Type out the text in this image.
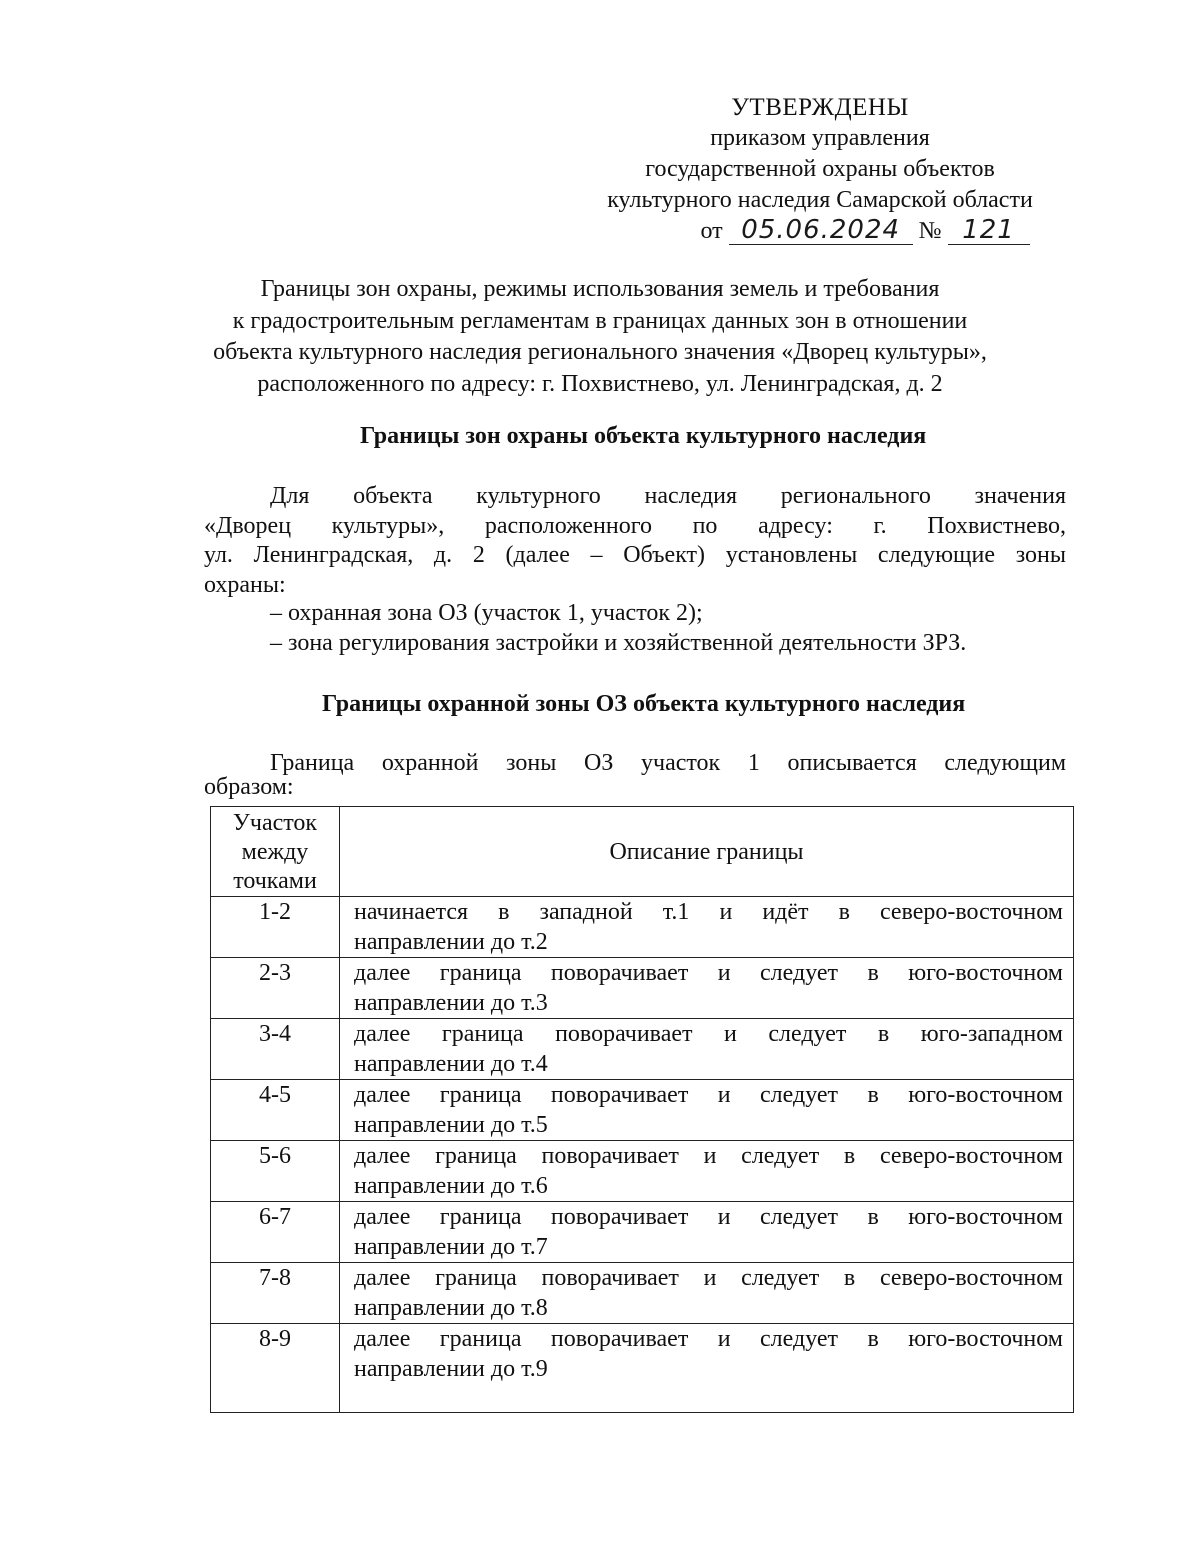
УТВЕРЖДЕНЫ
приказом управления
государственной охраны объектов
культурного наследия Самарской области
от 05.06.2024 № 121
Границы зон охраны, режимы использования земель и требования
к градостроительным регламентам в границах данных зон в отношении
объекта культурного наследия регионального значения «Дворец культуры»,
расположенного по адресу: г. Похвистнево, ул. Ленинградская, д. 2
Границы зон охраны объекта культурного наследия
Для объекта культурного наследия регионального значения
«Дворец культуры», расположенного по адресу: г. Похвистнево,
ул. Ленинградская, д. 2 (далее – Объект) установлены следующие зоны
охраны:
– охранная зона ОЗ (участок 1, участок 2);
– зона регулирования застройки и хозяйственной деятельности ЗРЗ.
Границы охранной зоны ОЗ объекта культурного наследия
Граница охранной зоны ОЗ участок 1 описывается следующим
образом:
Участок
между
точками	Описание границы
1-2	начинается в западной т.1 и идёт в северо-восточном
направлении до т.2

2-3	далее граница поворачивает и следует в юго-восточном
направлении до т.3

3-4	далее граница поворачивает и следует в юго-западном
направлении до т.4

4-5	далее граница поворачивает и следует в юго-восточном
направлении до т.5

5-6	далее граница поворачивает и следует в северо-восточном
направлении до т.6

6-7	далее граница поворачивает и следует в юго-восточном
направлении до т.7

7-8	далее граница поворачивает и следует в северо-восточном
направлении до т.8

8-9	далее граница поворачивает и следует в юго-восточном
направлении до т.9
